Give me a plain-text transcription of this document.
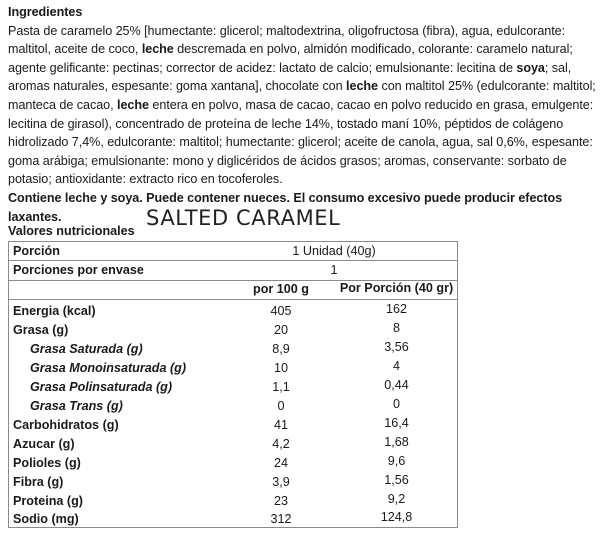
Ingredientes
Pasta de caramelo 25% [humectante: glicerol; maltodextrina, oligofructosa (fibra), agua, edulcorante: maltitol, aceite de coco, leche descremada en polvo, almidón modificado, colorante: caramelo natural; agente gelificante: pectinas; corrector de acidez: lactato de calcio; emulsionante: lecitina de soya; sal, aromas naturales, espesante: goma xantana], chocolate con leche con maltitol 25% (edulcorante: maltitol; manteca de cacao, leche entera en polvo, masa de cacao, cacao en polvo reducido en grasa, emulgente: lecitina de girasol), concentrado de proteína de leche 14%, tostado maní 10%, péptidos de colágeno hidrolizado 7,4%, edulcorante: maltitol; humectante: glicerol; aceite de canola, agua, sal 0,6%, espesante: goma arábiga; emulsionante: mono y diglicéridos de ácidos grasos; aromas, conservante: sorbato de potasio; antioxidante: extracto rico en tocoferoles.
Contiene leche y soya. Puede contener nueces. El consumo excesivo puede producir efectos laxantes.	SALTED CARAMEL
Valores nutricionales
Porción	1 Unidad (40g)
Porciones por envase	1
por 100 g	Por Porción (40 gr)
Energia (kcal)	405	162
Grasa (g)	20	8
Grasa Saturada (g)	8,9	3,56
Grasa Monoinsaturada (g)	10	4
Grasa Polinsaturada (g)	1,1	0,44
Grasa Trans (g)	0	0
Carbohidratos (g)	41	16,4
Azucar (g)	4,2	1,68
Polioles (g)	24	9,6
Fibra (g)	3,9	1,56
Proteina (g)	23	9,2
Sodio (mg)	312	124,8
